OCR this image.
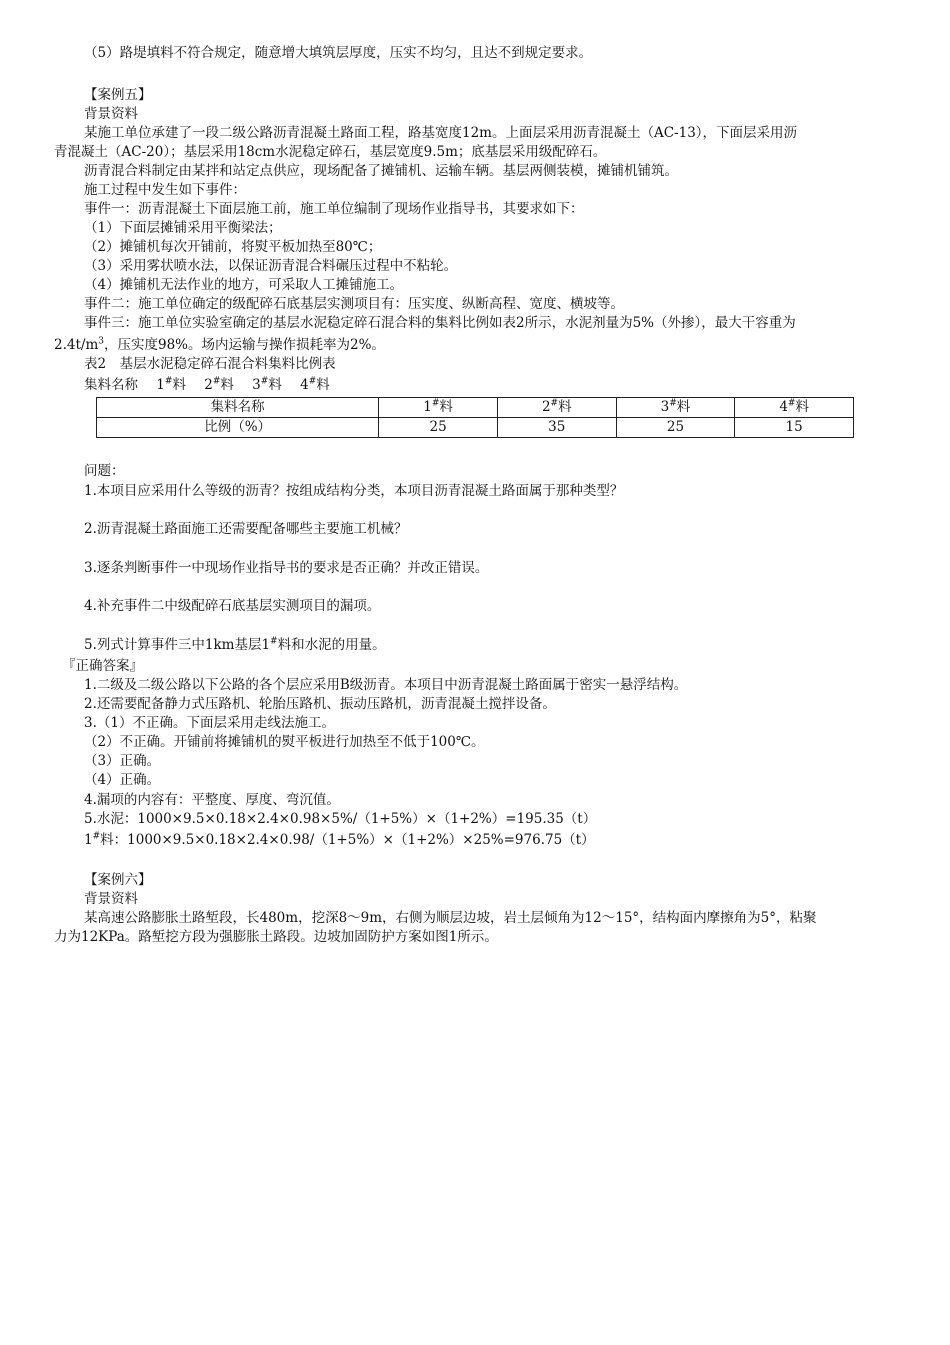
（5）路堤填料不符合规定，随意增大填筑层厚度，压实不均匀，且达不到规定要求。
【案例五】
背景资料
某施工单位承建了一段二级公路沥青混凝土路面工程，路基宽度12m。上面层采用沥青混凝土（AC-13），下面层采用沥
青混凝土（AC-20）；基层采用18cm水泥稳定碎石，基层宽度9.5m；底基层采用级配碎石。
沥青混合料制定由某拌和站定点供应，现场配备了摊铺机、运输车辆。基层两侧装模，摊铺机铺筑。
施工过程中发生如下事件：
事件一：沥青混凝土下面层施工前，施工单位编制了现场作业指导书，其要求如下：
（1）下面层摊铺采用平衡梁法；
（2）摊铺机每次开铺前，将熨平板加热至80℃；
（3）采用雾状喷水法，以保证沥青混合料碾压过程中不粘轮。
（4）摊铺机无法作业的地方，可采取人工摊铺施工。
事件二：施工单位确定的级配碎石底基层实测项目有：压实度、纵断高程、宽度、横坡等。
事件三：施工单位实验室确定的基层水泥稳定碎石混合料的集料比例如表2所示，水泥剂量为5%（外掺），最大干容重为
$2.4t/m^3$，压实度98%。场内运输与操作损耗率为2%。
表2　基层水泥稳定碎石混合料集料比例表
集料名称 1#料 2#料 3#料 4#料
集料名称	1#料	2#料	3#料	4#料
比例（%）	25	35	25	15
问题：
1.本项目应采用什么等级的沥青？按组成结构分类，本项目沥青混凝土路面属于那种类型？
2.沥青混凝土路面施工还需要配备哪些主要施工机械？
3.逐条判断事件一中现场作业指导书的要求是否正确？并改正错误。
4.补充事件二中级配碎石底基层实测项目的漏项。
5.列式计算事件三中1km基层1#料和水泥的用量。
『正确答案』
1.二级及二级公路以下公路的各个层应采用B级沥青。本项目中沥青混凝土路面属于密实一悬浮结构。
2.还需要配备静力式压路机、轮胎压路机、振动压路机，沥青混凝土搅拌设备。
3.（1）不正确。下面层采用走线法施工。
（2）不正确。开铺前将摊铺机的熨平板进行加热至不低于100℃。
（3）正确。
（4）正确。
4.漏项的内容有：平整度、厚度、弯沉值。
5.水泥：1000×9.5×0.18×2.4×0.98×5%/（1+5%）×（1+2%）=195.35（t）
1#料：1000×9.5×0.18×2.4×0.98/（1+5%）×（1+2%）×25%=976.75（t）
【案例六】
背景资料
某高速公路膨胀土路堑段，长480m，挖深8～9m，右侧为顺层边坡，岩土层倾角为12～15°，结构面内摩擦角为5°，粘聚
力为12KPa。路堑挖方段为强膨胀土路段。边坡加固防护方案如图1所示。
